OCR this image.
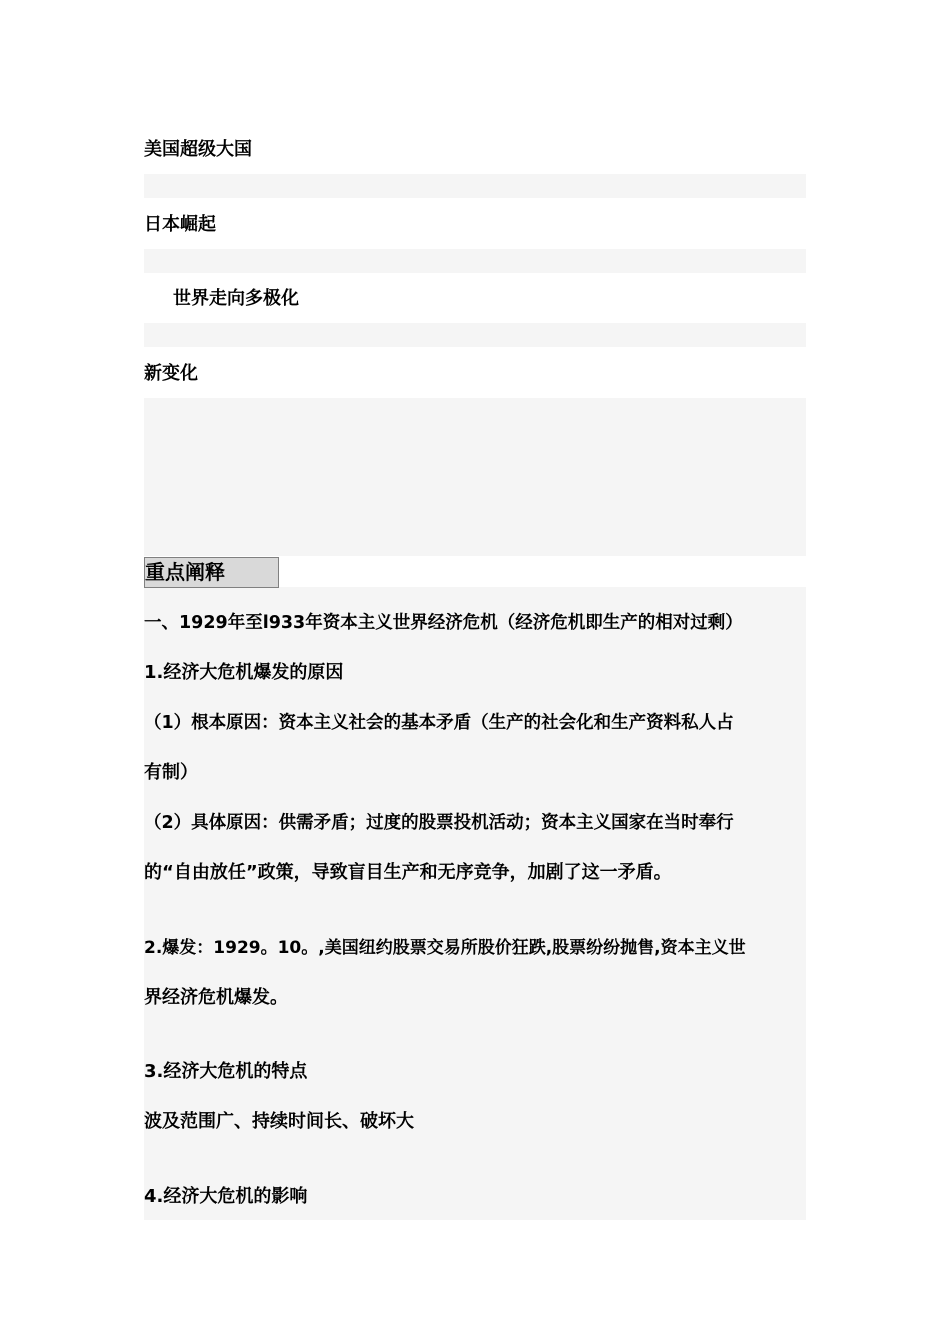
美国超级大国
日本崛起
世界走向多极化
新变化
重点阐释
一、1929年至l933年资本主义世界经济危机（经济危机即生产的相对过剩）
1.经济大危机爆发的原因
（1）根本原因：资本主义社会的基本矛盾（生产的社会化和生产资料私人占
有制）
（2）具体原因：供需矛盾；过度的股票投机活动；资本主义国家在当时奉行
的“自由放任”政策，导致盲目生产和无序竞争，加剧了这一矛盾。
2.爆发：1929。10。,美国纽约股票交易所股价狂跌,股票纷纷抛售,资本主义世
界经济危机爆发。
3.经济大危机的特点
波及范围广、持续时间长、破坏大
4.经济大危机的影响
